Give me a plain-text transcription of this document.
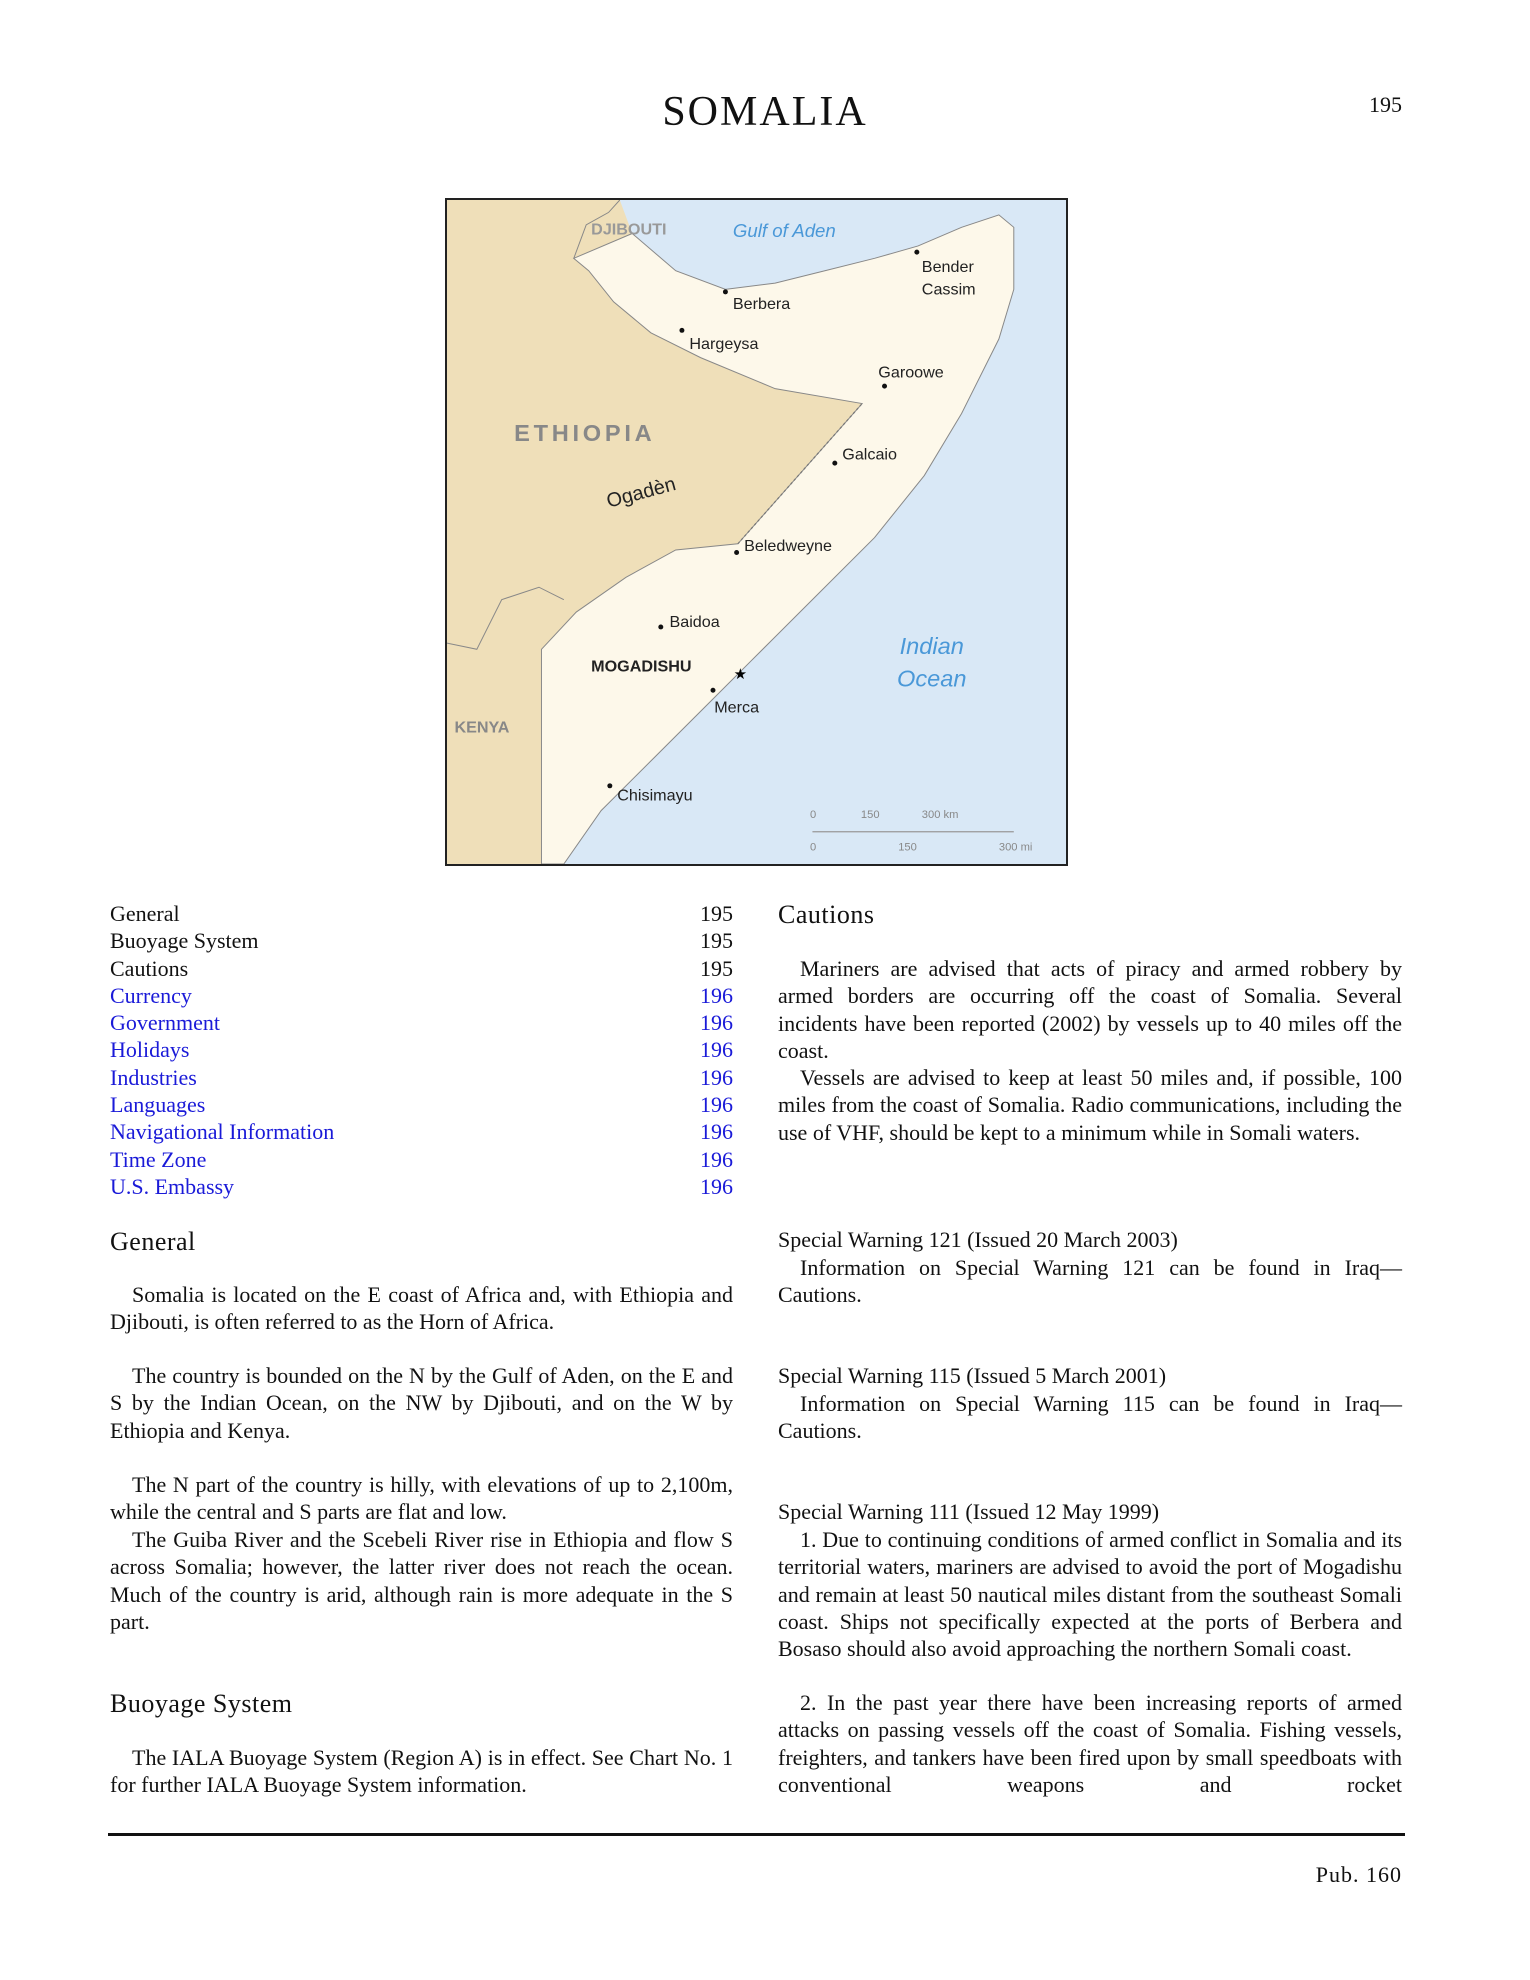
SOMALIA	195
★
DJIBOUTI	Gulf of Aden
Bender
Cassim
Berbera
Hargeysa
Garoowe
ETHIOPIA
Ogadèn
Galcaio
Beledweyne
Baidoa
MOGADISHU
Merca
KENYA
Indian
Ocean
Chisimayu
0	150	300 km
0	150	300 mi
General	195
Buoyage System	195
Cautions	195
Currency	196
Government	196
Holidays	196
Industries	196
Languages	196
Navigational Information	196
Time Zone	196
U.S. Embassy	196
General
Somalia is located on the E coast of Africa and, with Ethiopia and Djibouti, is often referred to as the Horn of Africa.
The country is bounded on the N by the Gulf of Aden, on the E and S by the Indian Ocean, on the NW by Djibouti, and on the W by Ethiopia and Kenya.
The N part of the country is hilly, with elevations of up to 2,100m, while the central and S parts are flat and low.
The Guiba River and the Scebeli River rise in Ethiopia and flow S across Somalia; however, the latter river does not reach the ocean. Much of the country is arid, although rain is more adequate in the S part.
Buoyage System
The IALA Buoyage System (Region A) is in effect. See Chart No. 1 for further IALA Buoyage System information.
Cautions
Mariners are advised that acts of piracy and armed robbery by armed borders are occurring off the coast of Somalia. Several incidents have been reported (2002) by vessels up to 40 miles off the coast.
Vessels are advised to keep at least 50 miles and, if possible, 100 miles from the coast of Somalia. Radio communications, including the use of VHF, should be kept to a minimum while in Somali waters.
Special Warning 121 (Issued 20 March 2003)
Information on Special Warning 121 can be found in Iraq—Cautions.
Special Warning 115 (Issued 5 March 2001)
Information on Special Warning 115 can be found in Iraq—Cautions.
Special Warning 111 (Issued 12 May 1999)
1. Due to continuing conditions of armed conflict in Somalia and its territorial waters, mariners are advised to avoid the port of Mogadishu and remain at least 50 nautical miles distant from the southeast Somali coast. Ships not specifically expected at the ports of Berbera and Bosaso should also avoid approaching the northern Somali coast.
2. In the past year there have been increasing reports of armed attacks on passing vessels off the coast of Somalia. Fishing vessels, freighters, and tankers have been fired upon by small speedboats with conventional weapons and rocket
Pub. 160
